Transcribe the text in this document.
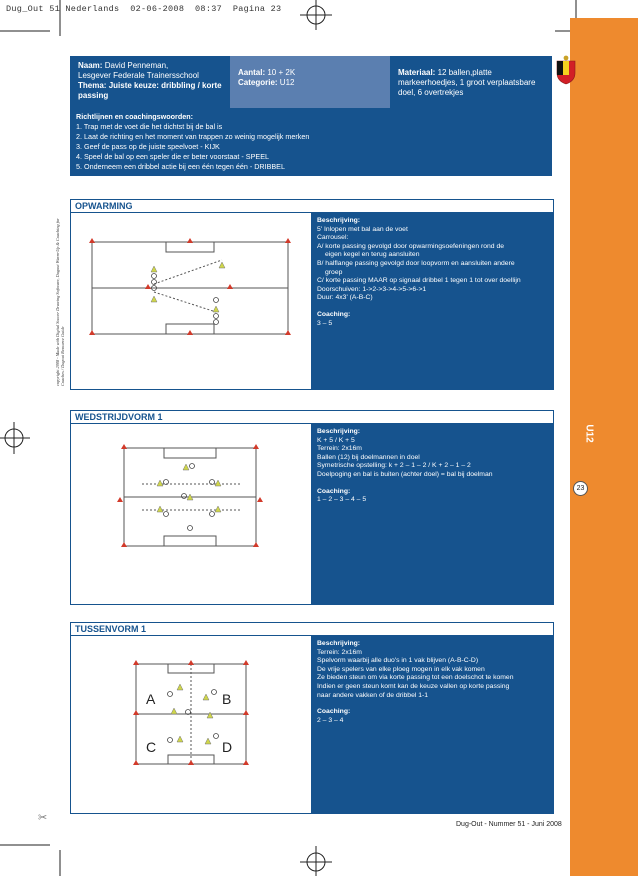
Dug_Out 51 Nederlands  02-06-2008  08:37  Pagina 23
U12
23
Naam: David Penneman,
Lesgever Federale Trainersschool
Thema: Juiste keuze: dribbling / korte passing
Aantal: 10 + 2K
Categorie: U12
Materiaal: 12 ballen,platte markeerhoedjes, 1 groot verplaatsbare doel, 6 overtrekjes
Richtlijnen en coachingswoorden:
1. Trap met de voet die het dichtst bij de bal is
2. Laat de richting en het moment van trappen zo weinig mogelijk merken
3. Geef de pass op de juiste speelvoet - KIJK
4. Speel de bal op een speler die er beter voorstaat - SPEEL
5. Onderneem een dribbel actie bij een één tegen één - DRIBBEL
copyright 2008 - Made with Digital Soccer Drawing Software, Dugout Warm-Up & Coaching for Coaches / Dugout Resource Guide
OPWARMING

Beschrijving:

5' Inlopen met bal aan de voet

Carrousel:

A/ korte passing gevolgd door opwarmingsoefeningen rond de

eigen kegel en terug aansluiten

B/ halflange passing gevolgd door loopvorm en aansluiten andere

groep

C/ korte passing MAAR op signaal dribbel 1 tegen 1 tot over doellijn

Doorschuiven: 1->2->3->4->5->6->1

Duur: 4x3' (A-B-C)

Coaching:

3 – 5

WEDSTRIJDVORM 1

Beschrijving:

K + 5 / K + 5

Terrein: 2x16m

Ballen (12) bij doelmannen in doel

Symetrische opstelling: k + 2 – 1 – 2 / K + 2 – 1 – 2

Doelpoging en bal is buiten (achter doel) = bal bij doelman

Coaching:

1 – 2 – 3 – 4 – 5

TUSSENVORM 1

Beschrijving:

Terrein: 2x16m

Spelvorm waarbij alle duo's in 1 vak blijven (A-B-C-D)

De vrije spelers van elke ploeg mogen in elk vak komen

Ze bieden steun om via korte passing tot een doelschot te komen

Indien er geen steun komt kan de keuze vallen op korte passing

naar andere vakken of de dribbel 1-1

Coaching:

2 – 3 – 4

A	B
C	D
✂
Dug-Out - Nummer 51 - Juni 2008
